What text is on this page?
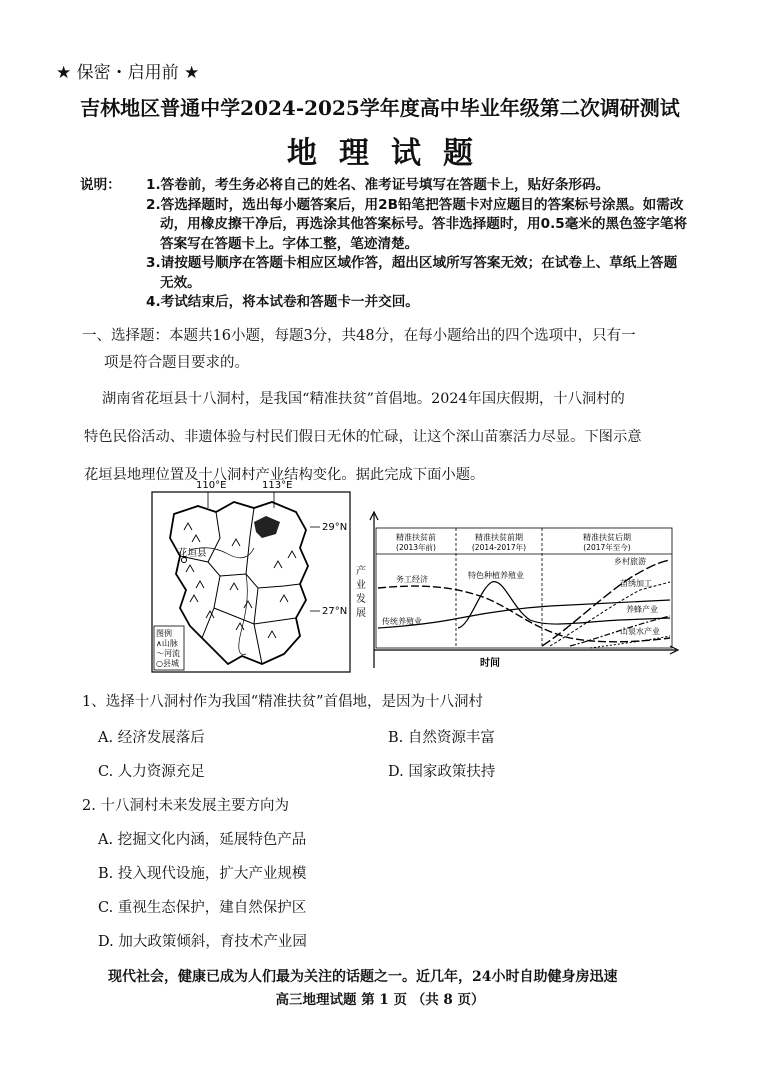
★ 保密・启用前 ★
吉林地区普通中学2024-2025学年度高中毕业年级第二次调研测试
地理试题
说明：	1.答卷前，考生务必将自己的姓名、准考证号填写在答题卡上，贴好条形码。
2.答选择题时，选出每小题答案后，用2B铅笔把答题卡对应题目的答案标号涂黑。如需改动，用橡皮擦干净后，再选涂其他答案标号。答非选择题时，用0.5毫米的黑色签字笔将答案写在答题卡上。字体工整，笔迹清楚。
3.请按题号顺序在答题卡相应区域作答，超出区域所写答案无效；在试卷上、草纸上答题无效。
4.考试结束后，将本试卷和答题卡一并交回。
一、选择题：本题共16小题，每题3分，共48分，在每小题给出的四个选项中，只有一
项是符合题目要求的。

湖南省花垣县十八洞村，是我国“精准扶贫”首倡地。2024年国庆假期，十八洞村的

特色民俗活动、非遗体验与村民们假日无休的忙碌，让这个深山苗寨活力尽显。下图示意

花垣县地理位置及十八洞村产业结构变化。据此完成下面小题。

110°E	113°E
29°N
27°N
花垣县
图例
∧山脉
～河流
○县城
产
业
发
展
时间
精准扶贫前
(2013年前)
精准扶贫前期
(2014-2017年)
精准扶贫后期
(2017年至今)
务工经济	特色种植养殖业
传统养殖业
乡村旅游
苗绣加工
养蜂产业
山泉水产业
1、选择十八洞村作为我国“精准扶贫”首倡地，是因为十八洞村
A. 经济发展落后	B. 自然资源丰富
C. 人力资源充足	D. 国家政策扶持
2. 十八洞村未来发展主要方向为
A. 挖掘文化内涵，延展特色产品
B. 投入现代设施，扩大产业规模
C. 重视生态保护，建自然保护区
D. 加大政策倾斜，育技术产业园
现代社会，健康已成为人们最为关注的话题之一。近几年，24小时自助健身房迅速
高三地理试题 第 1 页 （共 8 页）
